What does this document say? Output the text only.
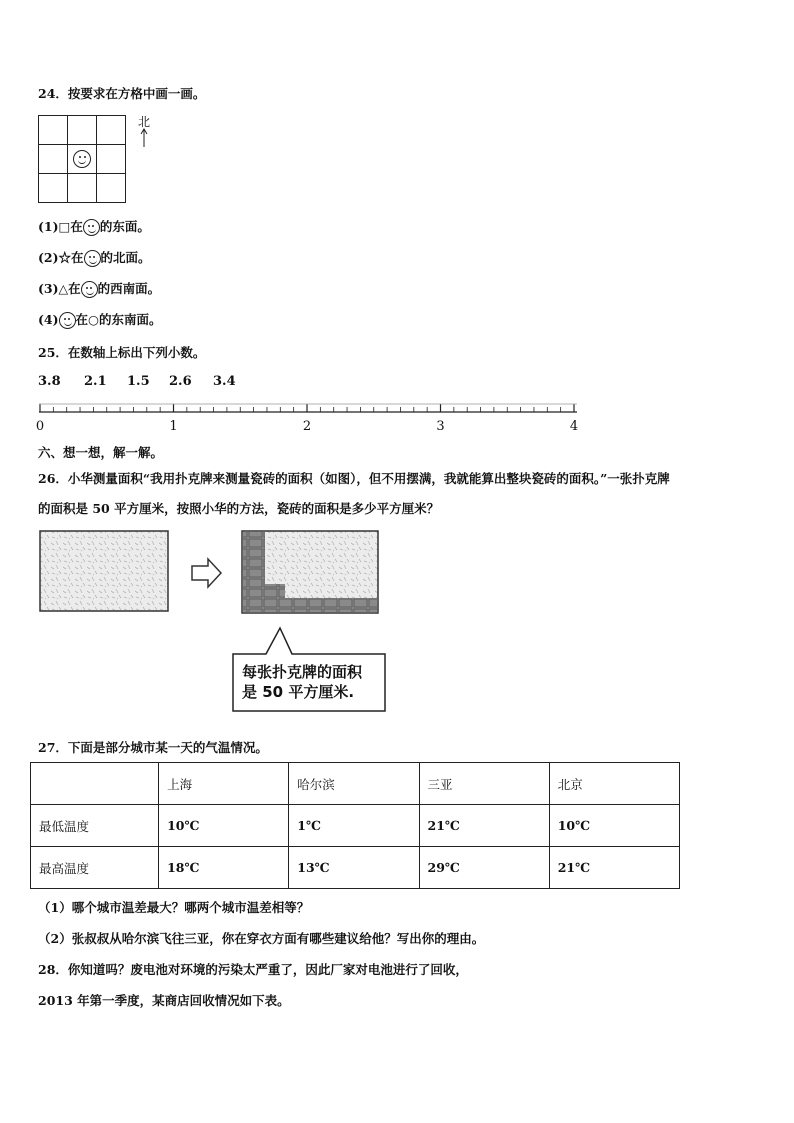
24．按要求在方格中画一画。

北
(1)□在 的东面。
(2)☆在 的北面。
(3)△在 的西南面。
(4) 在○的东南面。
25．在数轴上标出下列小数。
3.8 2.1 1.5 2.6 3.4
0	1	2	3	4
六、想一想，解一解。
26．小华测量面积“我用扑克牌来测量瓷砖的面积（如图），但不用摆满，我就能算出整块瓷砖的面积。”一张扑克牌
的面积是 50 平方厘米，按照小华的方法，瓷砖的面积是多少平方厘米？
每张扑克牌的面积
是 50 平方厘米.
27．下面是部分城市某一天的气温情况。
	上海	哈尔滨	三亚	北京
最低温度	10℃	1℃	21℃	10℃
最高温度	18℃	13℃	29℃	21℃
（1）哪个城市温差最大？哪两个城市温差相等？
（2）张叔叔从哈尔滨飞往三亚，你在穿衣方面有哪些建议给他？写出你的理由。
28．你知道吗？废电池对环境的污染太严重了，因此厂家对电池进行了回收，
2013 年第一季度，某商店回收情况如下表。
